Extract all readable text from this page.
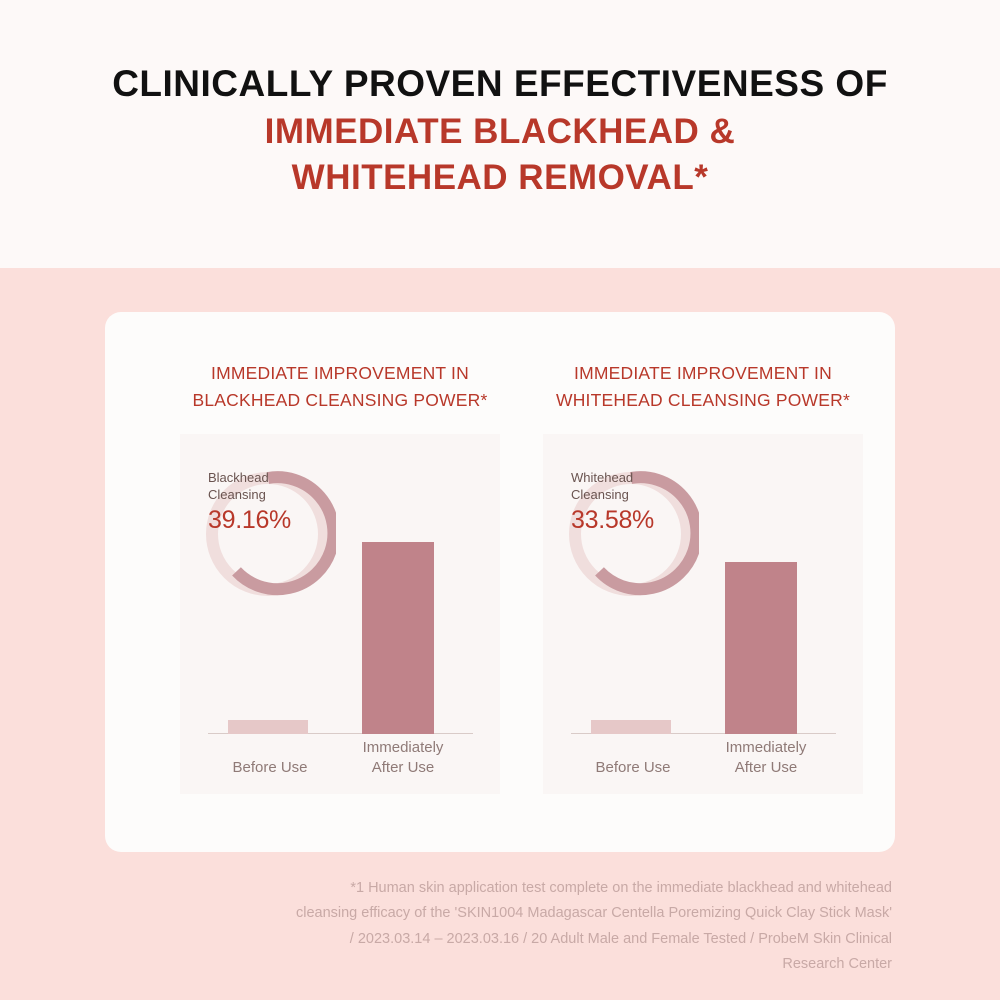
CLINICALLY PROVEN EFFECTIVENESS OF
IMMEDIATE BLACKHEAD &
WHITEHEAD REMOVAL*
IMMEDIATE IMPROVEMENT IN
BLACKHEAD CLEANSING POWER*
Before Use
Immediately
After Use
Blackhead
Cleansing
39.16%
IMMEDIATE IMPROVEMENT IN
WHITEHEAD CLEANSING POWER*
Before Use
Immediately
After Use
Whitehead
Cleansing
33.58%
*1 Human skin application test complete on the immediate blackhead and whitehead
cleansing efficacy of the 'SKIN1004 Madagascar Centella Poremizing Quick Clay Stick Mask'
/ 2023.03.14 – 2023.03.16 / 20 Adult Male and Female Tested / ProbeM Skin Clinical
Research Center
